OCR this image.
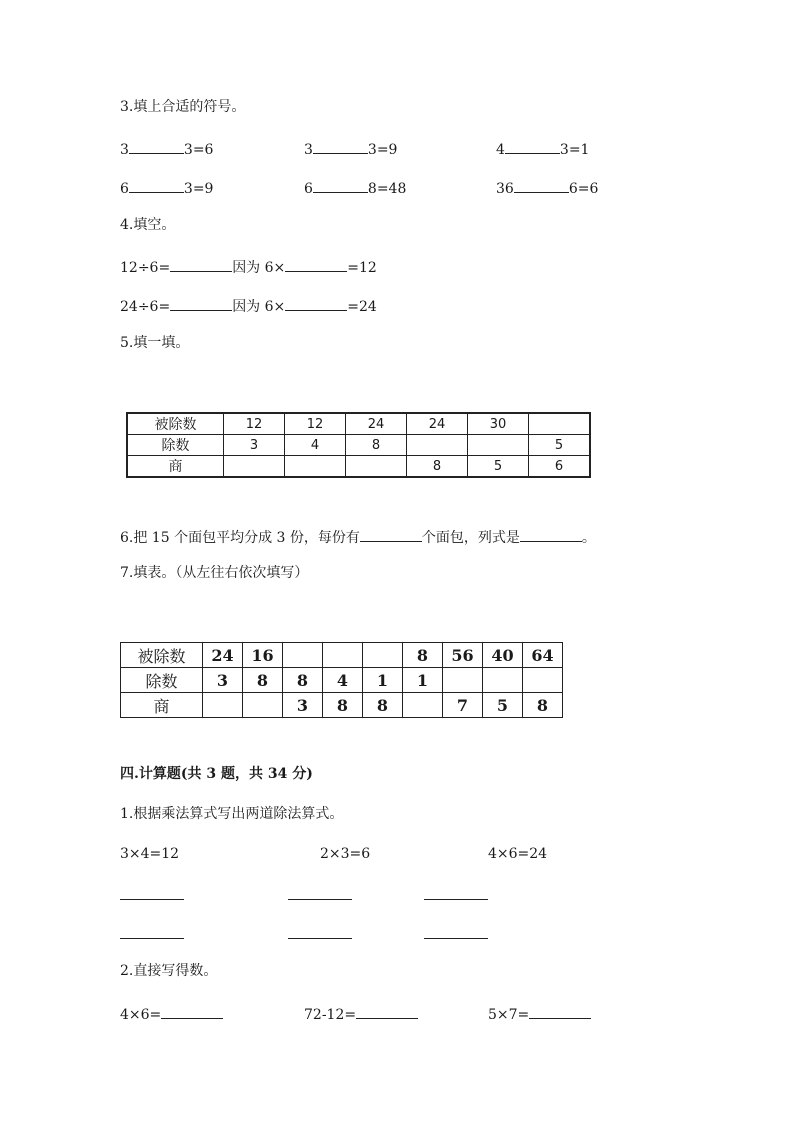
3.填上合适的符号。
3	3=6	3	3=9	4	3=1
6	3=9	6	8=48	36	6=6
4.填空。
12÷6=	因为 6×	=12
24÷6=	因为 6×	=24
5.填一填。
被除数	12	12	24	24	30	
除数	3	4	8			5
商				8	5	6
6.把 15 个面包平均分成 3 份，每份有	个面包，列式是	。
7.填表。（从左往右依次填写）
被除数	24	16				8	56	40	64
除数	3	8	8	4	1	1			
商			3	8	8		7	5	8
四.计算题(共 3 题，共 34 分)
1.根据乘法算式写出两道除法算式。
3×4=12	2×3=6	4×6=24
2.直接写得数。
4×6=	72-12=	5×7=
